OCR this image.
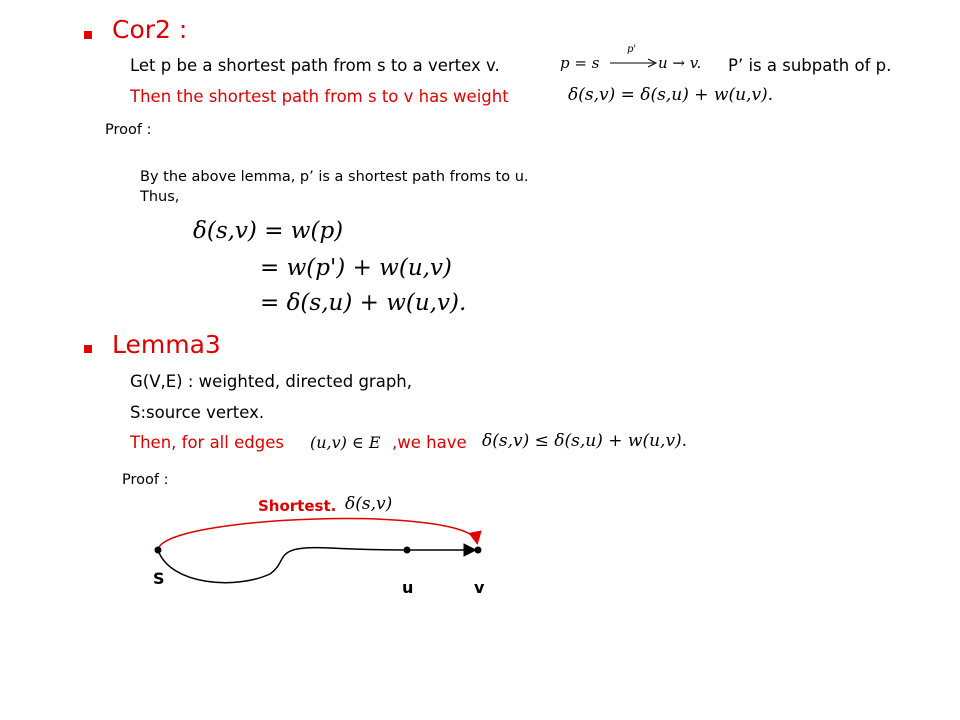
Cor2 :
Let p be a shortest path from s to a vertex v.	p = s
p'
u → v. P’ is a subpath of p.
Then the shortest path from s to v has weight	δ(s,v) = δ(s,u) + w(u,v).
Proof :
By the above lemma, p’ is a shortest path froms to u.
Thus,
δ(s,v) = w(p)
= w(p') + w(u,v)
= δ(s,u) + w(u,v).
Lemma3
G(V,E) : weighted, directed graph,
S:source vertex.
Then, for all edges (u,v) ∈ E ,we have δ(s,v) ≤ δ(s,u) + w(u,v).
Proof :
Shortest. δ(s,v)
S	u	v
